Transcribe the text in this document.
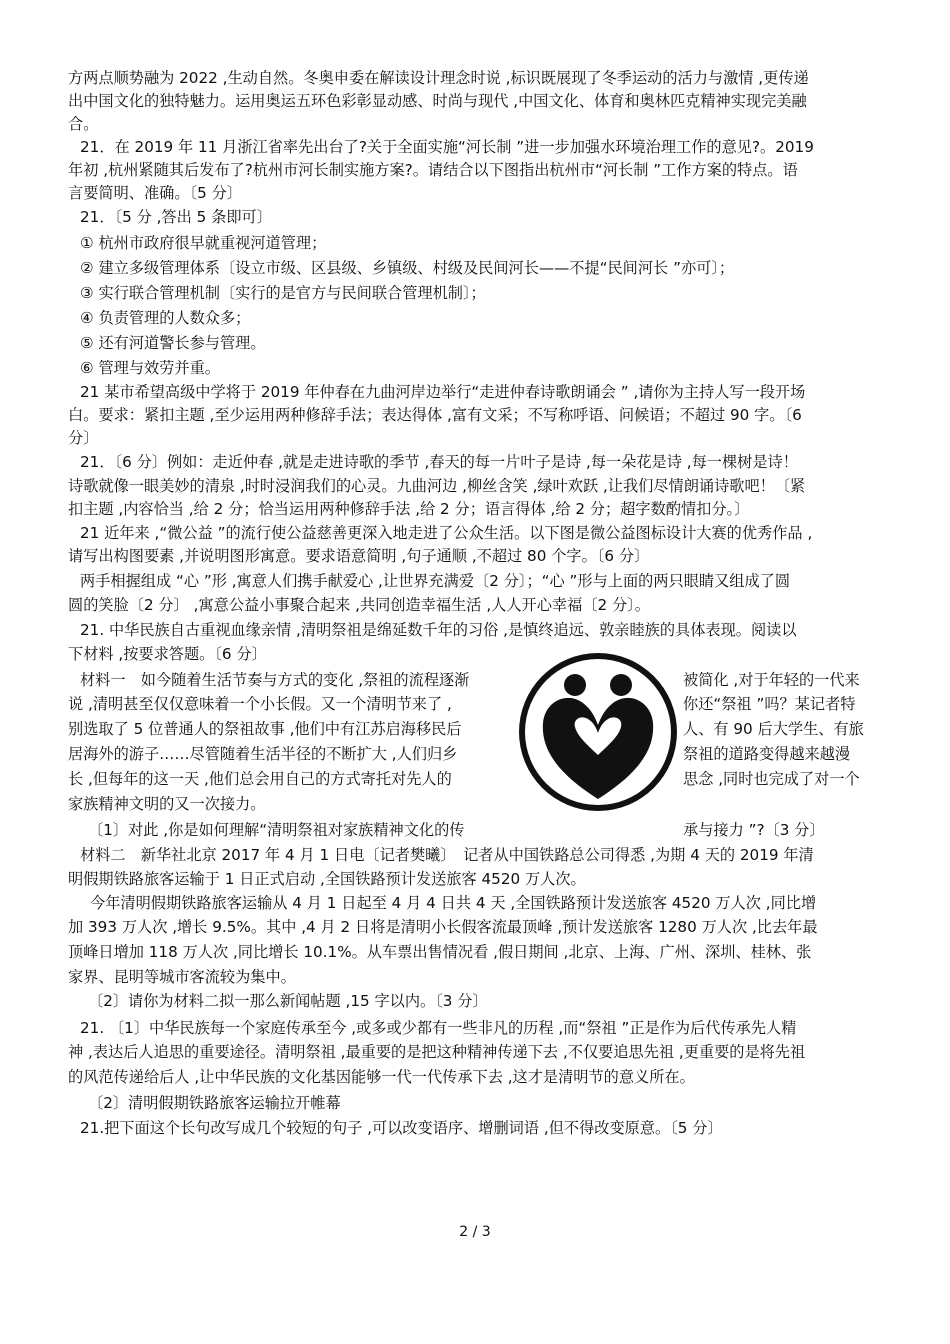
方两点顺势融为 2022 ,生动自然。冬奥申委在解读设计理念时说 ,标识既展现了冬季运动的活力与激情 ,更传递
出中国文化的独特魅力。运用奥运五环色彩彰显动感、时尚与现代 ,中国文化、体育和奥林匹克精神实现完美融
合。
21．在 2019 年 11 月浙江省率先出台了?关于全面实施“河长制 ”进一步加强水环境治理工作的意见?。2019
年初 ,杭州紧随其后发布了?杭州市河长制实施方案?。请结合以下图指出杭州市“河长制 ”工作方案的特点。语
言要简明、准确。〔5 分〕
21．〔5 分 ,答出 5 条即可〕
① 杭州市政府很早就重视河道管理；
② 建立多级管理体系〔设立市级、区县级、乡镇级、村级及民间河长——不提“民间河长 ”亦可〕；
③ 实行联合管理机制〔实行的是官方与民间联合管理机制〕；
④ 负责管理的人数众多；
⑤ 还有河道警长参与管理。
⑥ 管理与效劳并重。
21 某市希望高级中学将于 2019 年仲春在九曲河岸边举行“走进仲春诗歌朗诵会 ” ,请你为主持人写一段开场
白。要求：紧扣主题 ,至少运用两种修辞手法；表达得体 ,富有文采；不写称呼语、问候语；不超过 90 字。〔6
分〕
21．〔6 分〕例如：走近仲春 ,就是走进诗歌的季节 ,春天的每一片叶子是诗 ,每一朵花是诗 ,每一棵树是诗！
诗歌就像一眼美妙的清泉 ,时时浸润我们的心灵。九曲河边 ,柳丝含笑 ,绿叶欢跃 ,让我们尽情朗诵诗歌吧！〔紧
扣主题 ,内容恰当 ,给 2 分；恰当运用两种修辞手法 ,给 2 分；语言得体 ,给 2 分；超字数酌情扣分。〕
21 近年来 ,“微公益 ”的流行使公益慈善更深入地走进了公众生活。以下图是微公益图标设计大赛的优秀作品 ,
请写出构图要素 ,并说明图形寓意。要求语意简明 ,句子通顺 ,不超过 80 个字。〔6 分〕
两手相握组成 “心 ”形 ,寓意人们携手献爱心 ,让世界充满爱〔2 分〕；“心 ”形与上面的两只眼睛又组成了圆
圆的笑脸〔2 分〕 ,寓意公益小事聚合起来 ,共同创造幸福生活 ,人人开心幸福〔2 分〕。
21. 中华民族自古重视血缘亲情 ,清明祭祖是绵延数千年的习俗 ,是慎终追远、敦亲睦族的具体表现。阅读以
下材料 ,按要求答题。〔6 分〕
材料一　如今随着生活节奏与方式的变化 ,祭祖的流程逐渐
说 ,清明甚至仅仅意味着一个小长假。又一个清明节来了 ,
别选取了 5 位普通人的祭祖故事 ,他们中有江苏启海移民后
居海外的游子……尽管随着生活半径的不断扩大 ,人们归乡
长 ,但每年的这一天 ,他们总会用自己的方式寄托对先人的
家族精神文明的又一次接力。
〔1〕对此 ,你是如何理解“清明祭祖对家族精神文化的传
被简化 ,对于年轻的一代来
你还“祭祖 ”吗？某记者特
人、有 90 后大学生、有旅
祭祖的道路变得越来越漫
思念 ,同时也完成了对一个
承与接力 ”?〔3 分〕
材料二　新华社北京 2017 年 4 月 1 日电〔记者樊曦〕　记者从中国铁路总公司得悉 ,为期 4 天的 2019 年清
明假期铁路旅客运输于 1 日正式启动 ,全国铁路预计发送旅客 4520 万人次。
今年清明假期铁路旅客运输从 4 月 1 日起至 4 月 4 日共 4 天 ,全国铁路预计发送旅客 4520 万人次 ,同比增
加 393 万人次 ,增长 9.5%。其中 ,4 月 2 日将是清明小长假客流最顶峰 ,预计发送旅客 1280 万人次 ,比去年最
顶峰日增加 118 万人次 ,同比增长 10.1%。从车票出售情况看 ,假日期间 ,北京、上海、广州、深圳、桂林、张
家界、昆明等城市客流较为集中。
〔2〕请你为材料二拟一那么新闻帖题 ,15 字以内。〔3 分〕
21. 〔1〕中华民族每一个家庭传承至今 ,或多或少都有一些非凡的历程 ,而“祭祖 ”正是作为后代传承先人精
神 ,表达后人追思的重要途径。清明祭祖 ,最重要的是把这种精神传递下去 ,不仅要追思先祖 ,更重要的是将先祖
的风范传递给后人 ,让中华民族的文化基因能够一代一代传承下去 ,这才是清明节的意义所在。
〔2〕清明假期铁路旅客运输拉开帷幕
21.把下面这个长句改写成几个较短的句子 ,可以改变语序、增删词语 ,但不得改变原意。〔5 分〕
2 / 3
